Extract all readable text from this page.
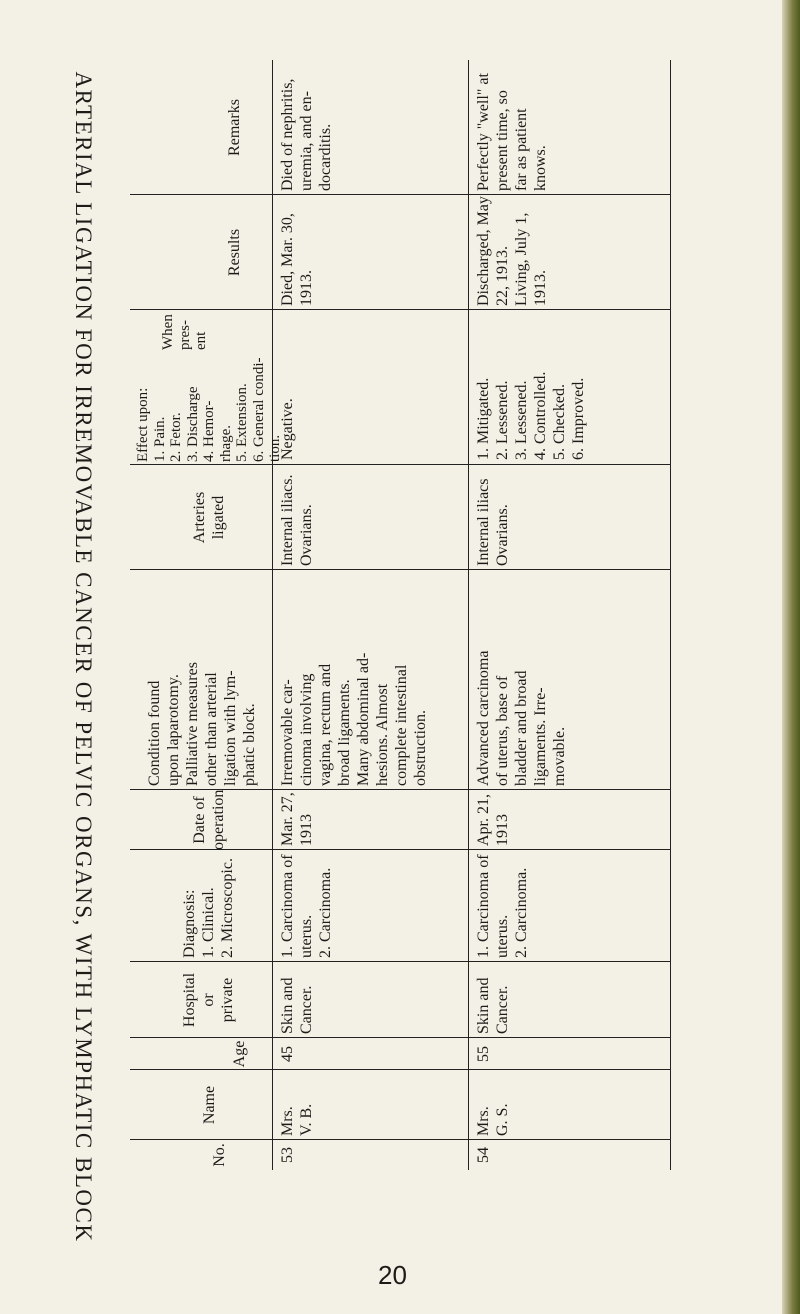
ARTERIAL LIGATION FOR IRREMOVABLE CANCER OF PELVIC ORGANS, WITH LYMPHATIC BLOCK	No.
Name
Age

Hospital or private

Diagnosis: 1. Clinical. 2. Microscopic.

Date of operation

Condition found upon laparotomy. Palliative measures other than arterial ligation with lym- phatic block.

Arteries ligated

Effect upon: 1. Pain. 2. Fetor. 3. Discharge 4. Hemor- rhage. 5. Extension. 6. General condi- tion.

When pres- ent

Results
Remarks
53

Mrs. V. B.

45

Skin and Cancer.

1. Carcinoma of uterus. 2. Carcinoma.

Mar. 27, 1913

Irremovable car- cinoma involving vagina, rectum and broad ligaments. Many abdominal ad- hesions. Almost complete intestinal obstruction.

Internal iliacs. Ovarians.

Negative.

Died, Mar. 30, 1913.

Died of nephritis, uremia, and en- docarditis.

54

Mrs. G. S.

55

Skin and Cancer.

1. Carcinoma of uterus. 2. Carcinoma.

Apr. 21, 1913

Advanced carcinoma of uterus, base of bladder and broad ligaments. Irre- movable.

Internal iliacs Ovarians.

1. Mitigated. 2. Lessened. 3. Lessened. 4. Controlled. 5. Checked. 6. Improved.

Discharged, May 22, 1913. Living, July 1, 1913.

Perfectly "well" at present time, so far as patient knows.

20
